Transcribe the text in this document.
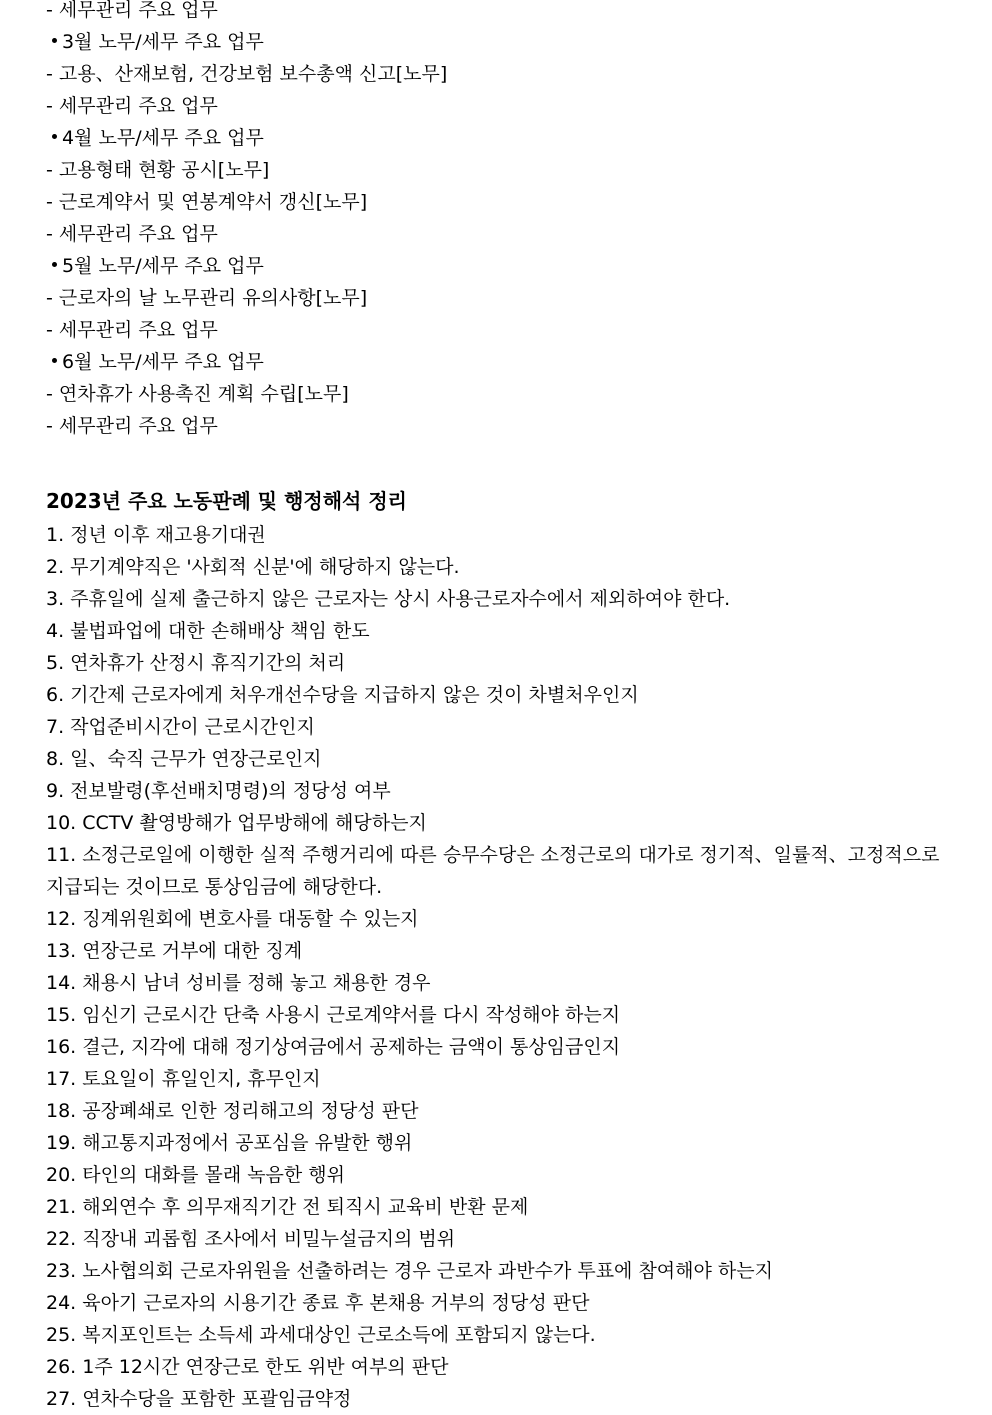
- 세무관리 주요 업무
3월 노무/세무 주요 업무
- 고용、산재보험, 건강보험 보수총액 신고[노무]
- 세무관리 주요 업무
4월 노무/세무 주요 업무
- 고용형태 현황 공시[노무]
- 근로계약서 및 연봉계약서 갱신[노무]
- 세무관리 주요 업무
5월 노무/세무 주요 업무
- 근로자의 날 노무관리 유의사항[노무]
- 세무관리 주요 업무
6월 노무/세무 주요 업무
- 연차휴가 사용촉진 계획 수립[노무]
- 세무관리 주요 업무
2023년 주요 노동판례 및 행정해석 정리
1. 정년 이후 재고용기대권
2. 무기계약직은 '사회적 신분'에 해당하지 않는다.
3. 주휴일에 실제 출근하지 않은 근로자는 상시 사용근로자수에서 제외하여야 한다.
4. 불법파업에 대한 손해배상 책임 한도
5. 연차휴가 산정시 휴직기간의 처리
6. 기간제 근로자에게 처우개선수당을 지급하지 않은 것이 차별처우인지
7. 작업준비시간이 근로시간인지
8. 일、숙직 근무가 연장근로인지
9. 전보발령(후선배치명령)의 정당성 여부
10. CCTV 촬영방해가 업무방해에 해당하는지
11. 소정근로일에 이행한 실적 주행거리에 따른 승무수당은 소정근로의 대가로 정기적、일률적、고정적으로 지급되는 것이므로 통상임금에 해당한다.
12. 징계위원회에 변호사를 대동할 수 있는지
13. 연장근로 거부에 대한 징계
14. 채용시 남녀 성비를 정해 놓고 채용한 경우
15. 임신기 근로시간 단축 사용시 근로계약서를 다시 작성해야 하는지
16. 결근, 지각에 대해 정기상여금에서 공제하는 금액이 통상임금인지
17. 토요일이 휴일인지, 휴무인지
18. 공장폐쇄로 인한 정리해고의 정당성 판단
19. 해고통지과정에서 공포심을 유발한 행위
20. 타인의 대화를 몰래 녹음한 행위
21. 해외연수 후 의무재직기간 전 퇴직시 교육비 반환 문제
22. 직장내 괴롭힘 조사에서 비밀누설금지의 범위
23. 노사협의회 근로자위원을 선출하려는 경우 근로자 과반수가 투표에 참여해야 하는지
24. 육아기 근로자의 시용기간 종료 후 본채용 거부의 정당성 판단
25. 복지포인트는 소득세 과세대상인 근로소득에 포함되지 않는다.
26. 1주 12시간 연장근로 한도 위반 여부의 판단
27. 연차수당을 포함한 포괄임금약정
